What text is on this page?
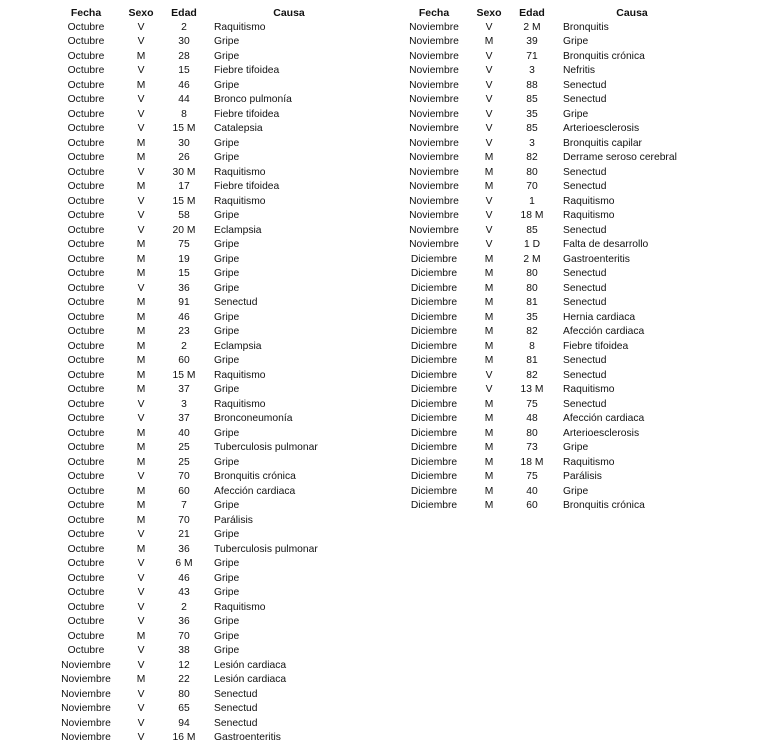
Fecha	Sexo	Edad	Causa
Octubre	V	2	Raquitismo
Octubre	V	30	Gripe
Octubre	M	28	Gripe
Octubre	V	15	Fiebre tifoidea
Octubre	M	46	Gripe
Octubre	V	44	Bronco pulmonía
Octubre	V	8	Fiebre tifoidea
Octubre	V	15 M	Catalepsia
Octubre	M	30	Gripe
Octubre	M	26	Gripe
Octubre	V	30 M	Raquitismo
Octubre	M	17	Fiebre tifoidea
Octubre	V	15 M	Raquitismo
Octubre	V	58	Gripe
Octubre	V	20 M	Eclampsia
Octubre	M	75	Gripe
Octubre	M	19	Gripe
Octubre	M	15	Gripe
Octubre	V	36	Gripe
Octubre	M	91	Senectud
Octubre	M	46	Gripe
Octubre	M	23	Gripe
Octubre	M	2	Eclampsia
Octubre	M	60	Gripe
Octubre	M	15 M	Raquitismo
Octubre	M	37	Gripe
Octubre	V	3	Raquitismo
Octubre	V	37	Bronconeumonía
Octubre	M	40	Gripe
Octubre	M	25	Tuberculosis pulmonar
Octubre	M	25	Gripe
Octubre	V	70	Bronquitis crónica
Octubre	M	60	Afección cardiaca
Octubre	M	7	Gripe
Octubre	M	70	Parálisis
Octubre	V	21	Gripe
Octubre	M	36	Tuberculosis pulmonar
Octubre	V	6 M	Gripe
Octubre	V	46	Gripe
Octubre	V	43	Gripe
Octubre	V	2	Raquitismo
Octubre	V	36	Gripe
Octubre	M	70	Gripe
Octubre	V	38	Gripe
Noviembre	V	12	Lesión cardiaca
Noviembre	M	22	Lesión cardiaca
Noviembre	V	80	Senectud
Noviembre	V	65	Senectud
Noviembre	V	94	Senectud
Noviembre	V	16 M	Gastroenteritis
Fecha	Sexo	Edad	Causa
Noviembre	V	2 M	Bronquitis
Noviembre	M	39	Gripe
Noviembre	V	71	Bronquitis crónica
Noviembre	V	3	Nefritis
Noviembre	V	88	Senectud
Noviembre	V	85	Senectud
Noviembre	V	35	Gripe
Noviembre	V	85	Arterioesclerosis
Noviembre	V	3	Bronquitis capilar
Noviembre	M	82	Derrame seroso cerebral
Noviembre	M	80	Senectud
Noviembre	M	70	Senectud
Noviembre	V	1	Raquitismo
Noviembre	V	18 M	Raquitismo
Noviembre	V	85	Senectud
Noviembre	V	1 D	Falta de desarrollo
Diciembre	M	2 M	Gastroenteritis
Diciembre	M	80	Senectud
Diciembre	M	80	Senectud
Diciembre	M	81	Senectud
Diciembre	M	35	Hernia cardiaca
Diciembre	M	82	Afección cardiaca
Diciembre	M	8	Fiebre tifoidea
Diciembre	M	81	Senectud
Diciembre	V	82	Senectud
Diciembre	V	13 M	Raquitismo
Diciembre	M	75	Senectud
Diciembre	M	48	Afección cardiaca
Diciembre	M	80	Arterioesclerosis
Diciembre	M	73	Gripe
Diciembre	M	18 M	Raquitismo
Diciembre	M	75	Parálisis
Diciembre	M	40	Gripe
Diciembre	M	60	Bronquitis crónica
